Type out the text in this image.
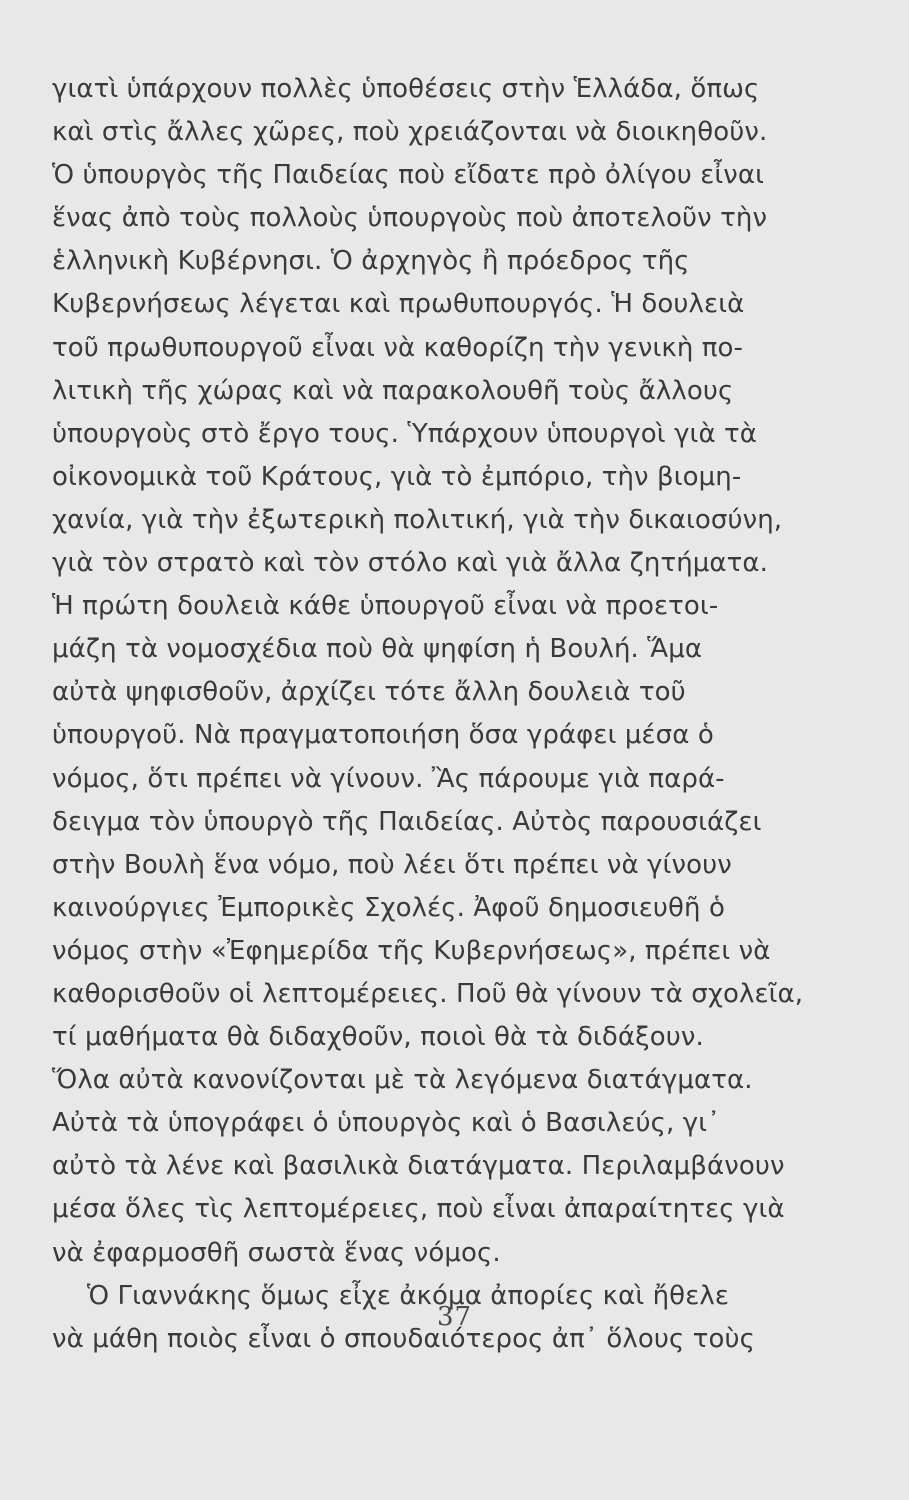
γιατὶ ὑπάρχουν πολλὲς ὑποθέσεις στὴν Ἑλλάδα, ὅπως
καὶ στὶς ἄλλες χῶρες, ποὺ χρειάζονται νὰ διοικηθοῦν.
Ὁ ὑπουργὸς τῆς Παιδείας ποὺ εἴδατε πρὸ ὀλίγου εἶναι
ἕνας ἀπὸ τοὺς πολλοὺς ὑπουργοὺς ποὺ ἀποτελοῦν τὴν
ἑλληνικὴ Κυβέρνησι. Ὁ ἀρχηγὸς ἢ πρόεδρος τῆς
Κυβερνήσεως λέγεται καὶ πρωθυπουργός. Ἡ δουλειὰ
τοῦ πρωθυπουργοῦ εἶναι νὰ καθορίζη τὴν γενικὴ πο-
λιτικὴ τῆς χώρας καὶ νὰ παρακολουθῆ τοὺς ἄλλους
ὑπουργοὺς στὸ ἔργο τους. Ὑπάρχουν ὑπουργοὶ γιὰ τὰ
οἰκονομικὰ τοῦ Κράτους, γιὰ τὸ ἐμπόριο, τὴν βιομη-
χανία, γιὰ τὴν ἐξωτερικὴ πολιτική, γιὰ τὴν δικαιοσύνη,
γιὰ τὸν στρατὸ καὶ τὸν στόλο καὶ γιὰ ἄλλα ζητήματα.
Ἡ πρώτη δουλειὰ κάθε ὑπουργοῦ εἶναι νὰ προετοι-
μάζη τὰ νομοσχέδια ποὺ θὰ ψηφίση ἡ Βουλή. Ἅμα
αὐτὰ ψηφισθοῦν, ἀρχίζει τότε ἄλλη δουλειὰ τοῦ
ὑπουργοῦ. Νὰ πραγματοποιήση ὅσα γράφει μέσα ὁ
νόμος, ὅτι πρέπει νὰ γίνουν. Ἂς πάρουμε γιὰ παρά-
δειγμα τὸν ὑπουργὸ τῆς Παιδείας. Αὐτὸς παρουσιάζει
στὴν Βουλὴ ἕνα νόμο, ποὺ λέει ὅτι πρέπει νὰ γίνουν
καινούργιες Ἐμπορικὲς Σχολές. Ἀφοῦ δημοσιευθῆ ὁ
νόμος στὴν «Ἐφημερίδα τῆς Κυβερνήσεως», πρέπει νὰ
καθορισθοῦν οἱ λεπτομέρειες. Ποῦ θὰ γίνουν τὰ σχολεῖα,
τί μαθήματα θὰ διδαχθοῦν, ποιοὶ θὰ τὰ διδάξουν.
Ὅλα αὐτὰ κανονίζονται μὲ τὰ λεγόμενα διατάγματα.
Αὐτὰ τὰ ὑπογράφει ὁ ὑπουργὸς καὶ ὁ Βασιλεύς, γι᾿
αὐτὸ τὰ λένε καὶ βασιλικὰ διατάγματα. Περιλαμβάνουν
μέσα ὅλες τὶς λεπτομέρειες, ποὺ εἶναι ἀπαραίτητες γιὰ
νὰ ἐφαρμοσθῆ σωστὰ ἕνας νόμος.
Ὁ Γιαννάκης ὅμως εἶχε ἀκόμα ἀπορίες καὶ ἤθελε
νὰ μάθη ποιὸς εἶναι ὁ σπουδαιότερος ἀπ᾿ ὅλους τοὺς
37
